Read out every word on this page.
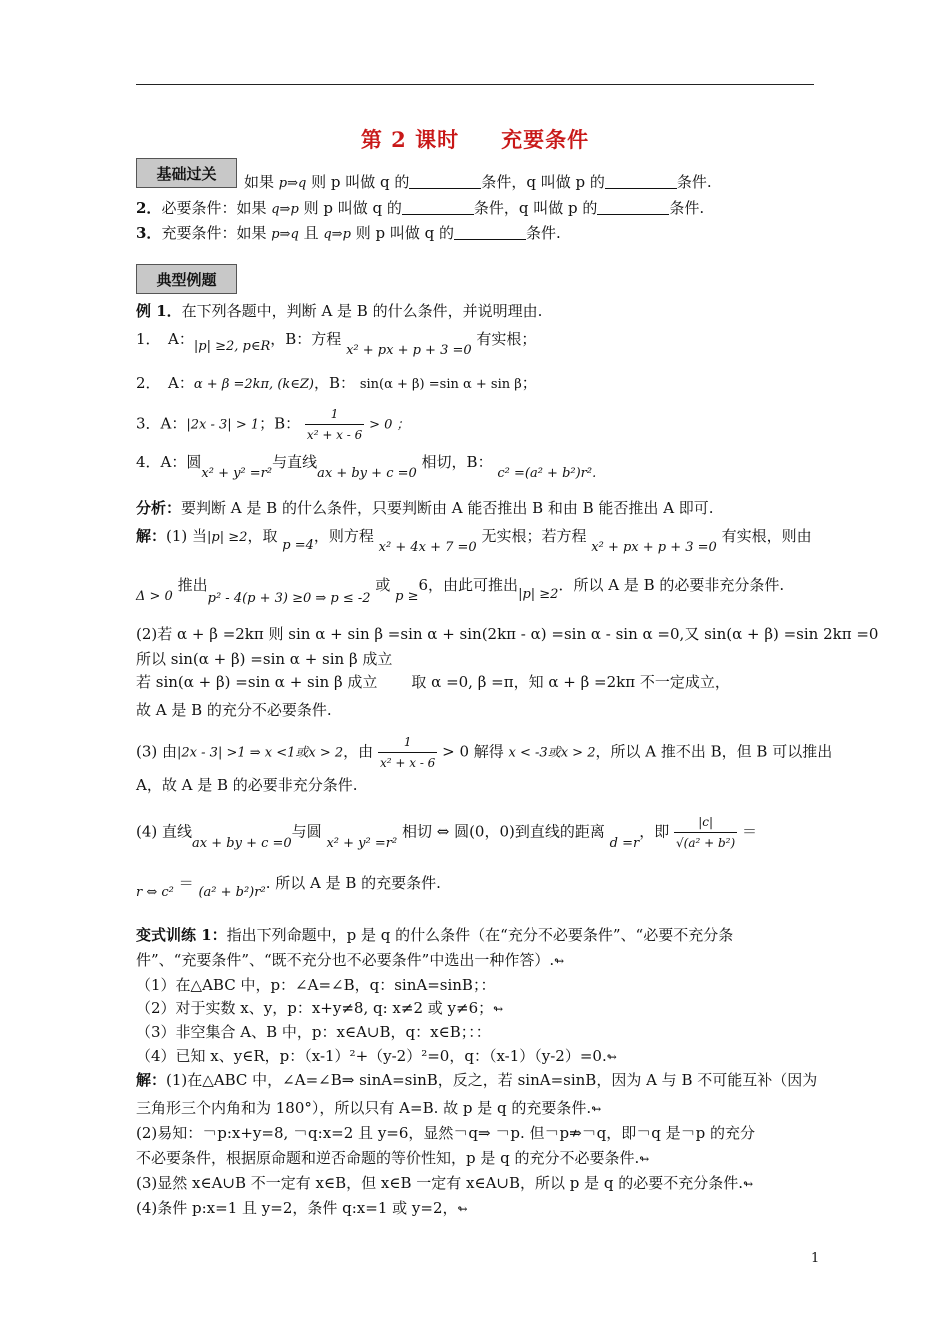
第 2 课时 充要条件
基础过关	如果 p⇒q 则 p 叫做 q 的	条件，q 叫做 p 的	条件.
2．必要条件：如果 q⇒p 则 p 叫做 q 的	条件，q 叫做 p 的	条件.
3．充要条件：如果 p⇒q 且 q⇒p 则 p 叫做 q 的	条件.
典型例题
例 1．在下列各题中，判断 A 是 B 的什么条件，并说明理由.
1．　A：|p| ≥2, p∈R，B：方程 x² + px + p + 3 =0 有实根；
2．　A：α + β =2kπ, (k∈Z)，B： sin(α + β) =sin α + sin β；
3．A：|2x - 3| > 1；B： $\frac{1}{\text{x² + x - 6}} > 0$ ；
4．A：圆x² + y² =r²与直线ax + by + c =0 相切，B： c² =(a² + b²)r².
分析：要判断 A 是 B 的什么条件，只要判断由 A 能否推出 B 和由 B 能否推出 A 即可.
解：(1) 当|p| ≥2，取 p =4，则方程 x² + 4x + 7 =0 无实根；若方程 x² + px + p + 3 =0 有实根，则由
Δ > 0 推出p² - 4(p + 3) ≥0 ⇒ p ≤ -2 或 p ≥6，由此可推出|p| ≥2．所以 A 是 B 的必要非充分条件.
(2)若 α + β =2kπ 则 sin α + sin β =sin α + sin(2kπ - α) =sin α - sin α =0,又 sin(α + β) =sin 2kπ =0
所以 sin(α + β) =sin α + sin β 成立
若 sin(α + β) =sin α + sin β 成立 取 α =0, β =π，知 α + β =2kπ 不一定成立，
故 A 是 B 的充分不必要条件.
(3) 由|2x - 3| >1 ⇒ x <1或x > 2，由 $\frac{1}{\text{x² + x - 6}} > 0$ 解得 x < -3或x > 2，所以 A 推不出 B，但 B 可以推出
A，故 A 是 B 的必要非充分条件.
(4) 直线ax + by + c =0与圆 x² + y² =r² 相切 ⇔ 圆(0，0)到直线的距离 d =r，即 $\frac{|c|}{\text{√(a² + b²)}}$ ＝
r ⇔ c² ＝ (a² + b²)r². 所以 A 是 B 的充要条件.
变式训练 1：指出下列命题中，p 是 q 的什么条件（在“充分不必要条件”、“必要不充分条
件”、“充要条件”、“既不充分也不必要条件”中选出一种作答）.↬
（1）在△ABC 中，p：∠A=∠B，q：sinA=sinB；：
（2）对于实数 x、y，p：x+y≠8, q: x≠2 或 y≠6；↬
（3）非空集合 A、B 中，p：x∈A∪B，q：x∈B；：：
（4）已知 x、y∈R，p：（x-1）²+（y-2）²=0，q：（x-1）（y-2）=0.↬
解：(1)在△ABC 中，∠A=∠B⇒ sinA=sinB，反之，若 sinA=sinB，因为 A 与 B 不可能互补（因为
三角形三个内角和为 180°），所以只有 A=B. 故 p 是 q 的充要条件.↬
(2)易知：￢p:x+y=8, ￢q:x=2 且 y=6，显然￢q⇒ ￢p. 但￢p⇏￢q，即￢q 是￢p 的充分
不必要条件，根据原命题和逆否命题的等价性知，p 是 q 的充分不必要条件.↬
(3)显然 x∈A∪B 不一定有 x∈B，但 x∈B 一定有 x∈A∪B，所以 p 是 q 的必要不充分条件.↬
(4)条件 p:x=1 且 y=2，条件 q:x=1 或 y=2，↬
1
